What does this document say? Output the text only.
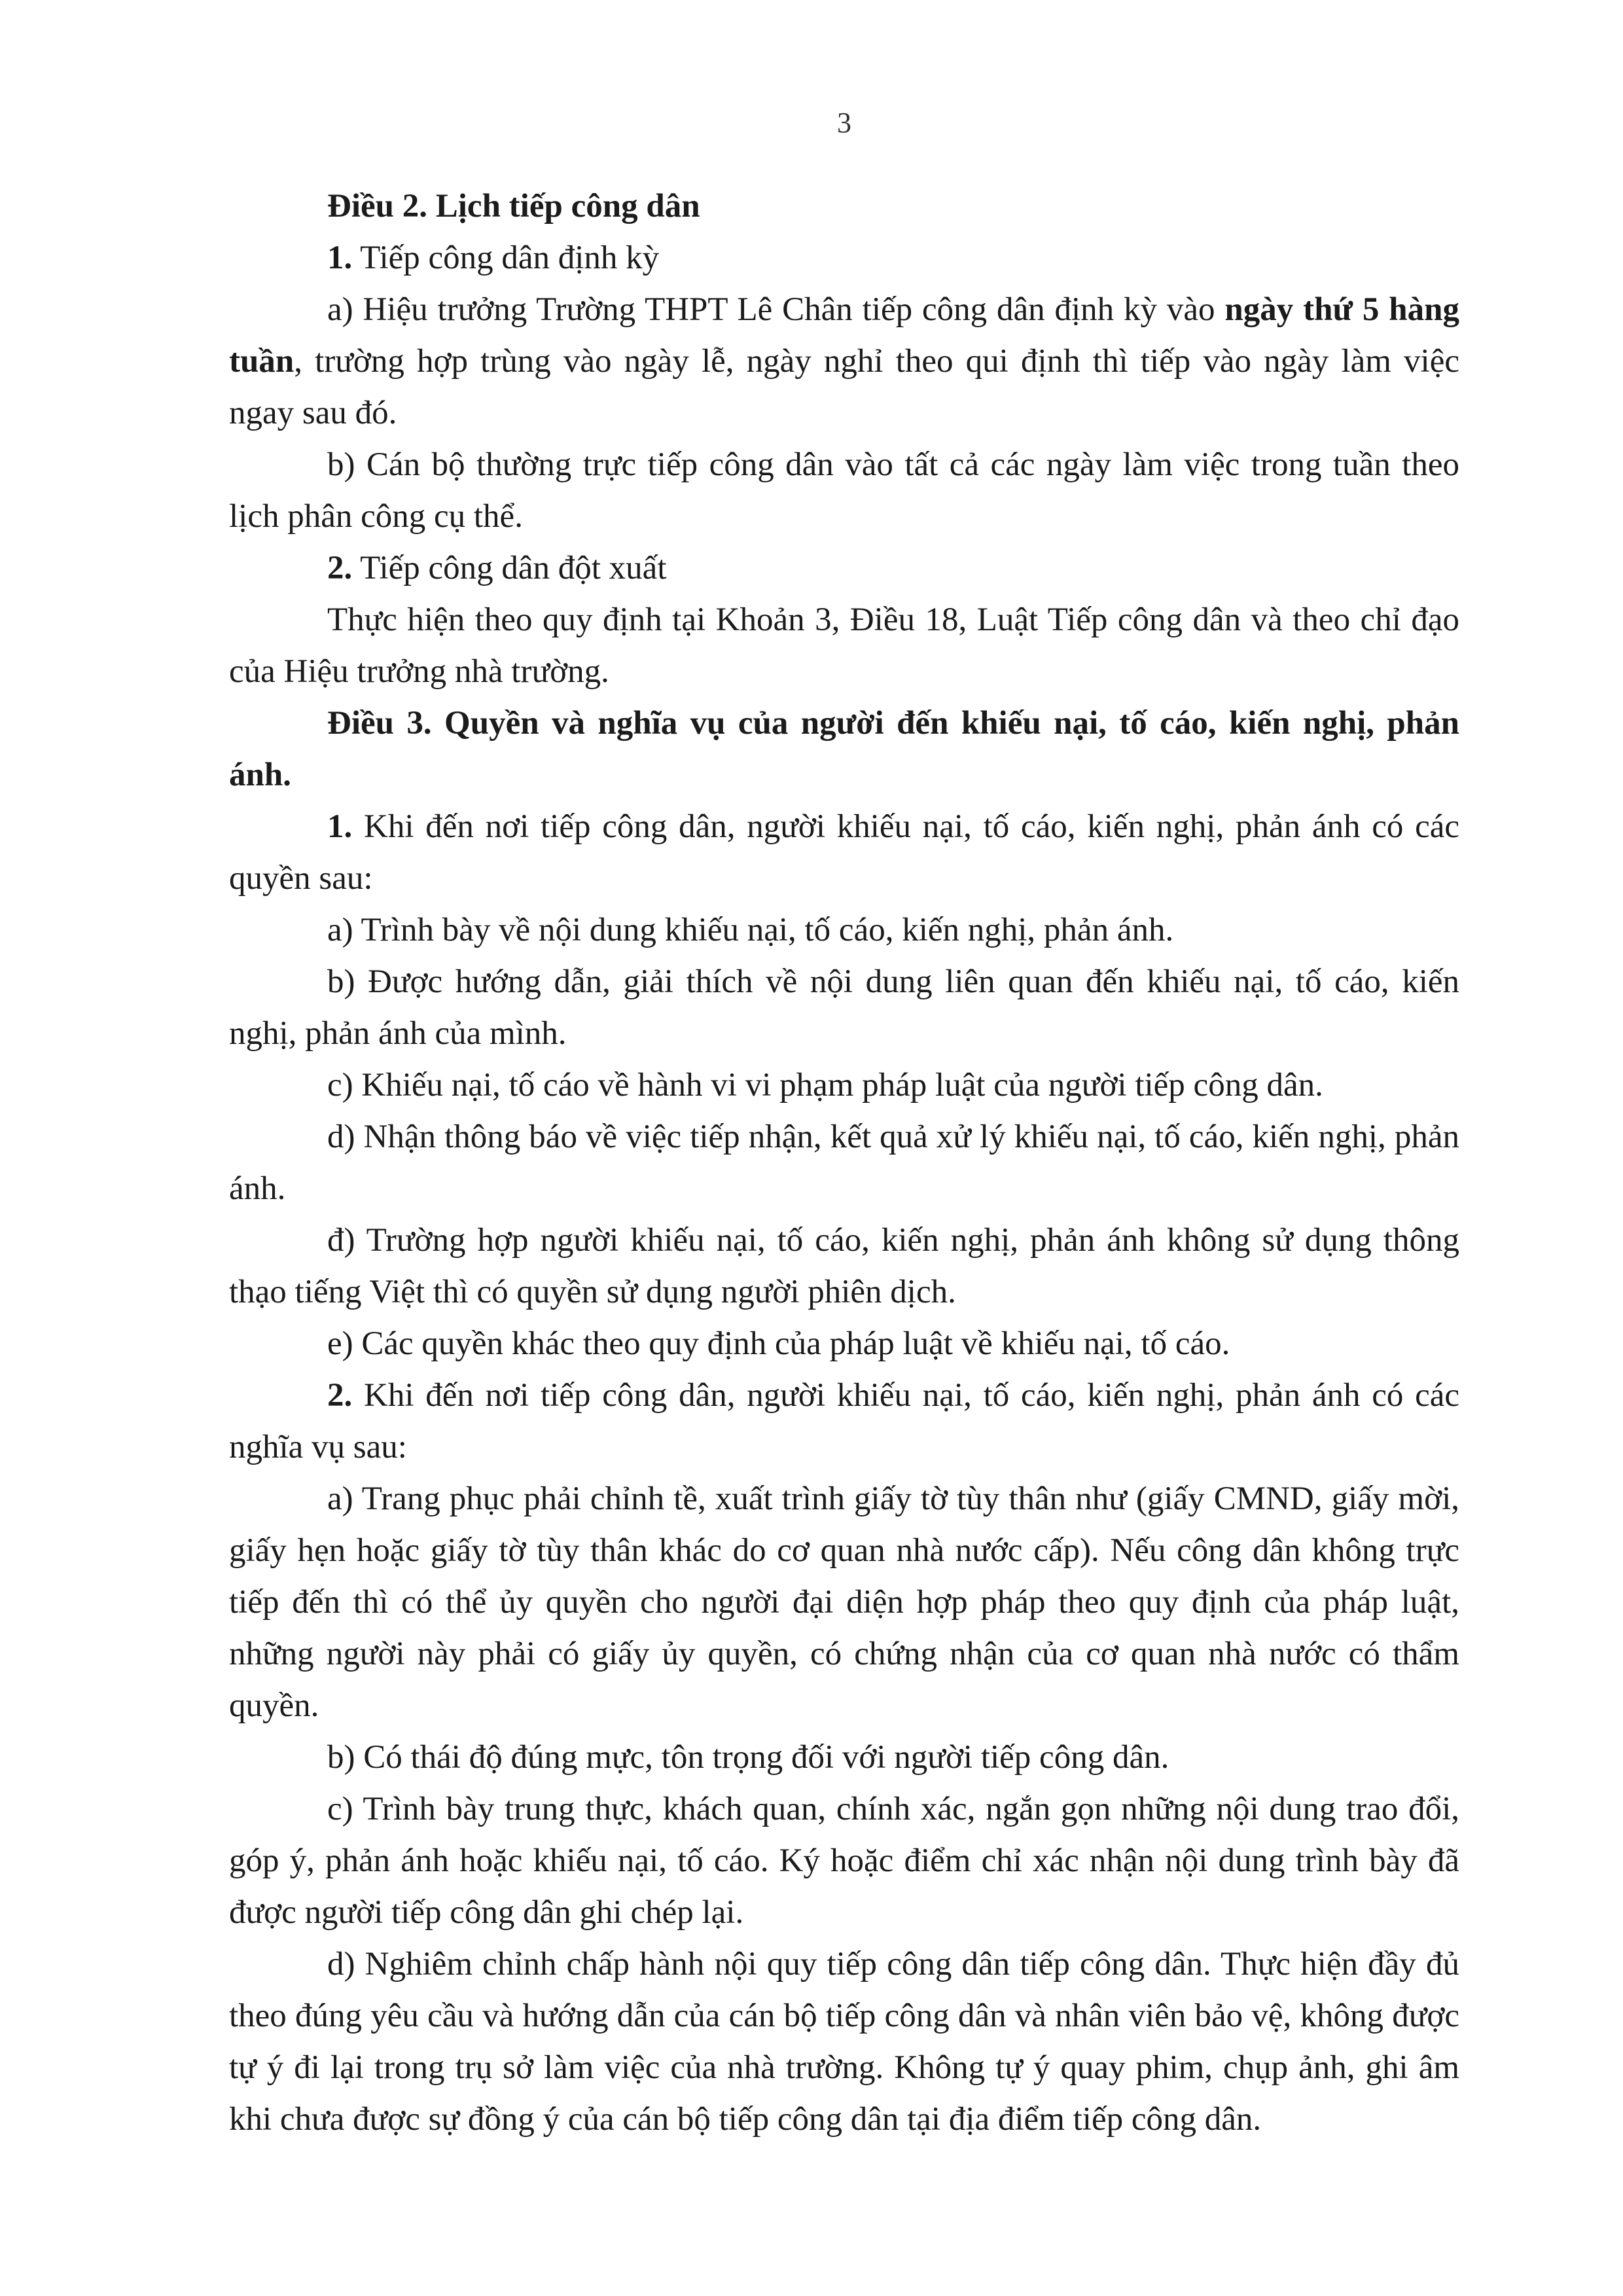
3

Điều 2. Lịch tiếp công dân

1. Tiếp công dân định kỳ

a) Hiệu trưởng Trường THPT Lê Chân tiếp công dân định kỳ vào ngày thứ 5 hàng tuần, trường hợp trùng vào ngày lễ, ngày nghỉ theo qui định thì tiếp vào ngày làm việc ngay sau đó.

b) Cán bộ thường trực tiếp công dân vào tất cả các ngày làm việc trong tuần theo lịch phân công cụ thể.

2. Tiếp công dân đột xuất

Thực hiện theo quy định tại Khoản 3, Điều 18, Luật Tiếp công dân và theo chỉ đạo của Hiệu trưởng nhà trường.

Điều 3. Quyền và nghĩa vụ của người đến khiếu nại, tố cáo, kiến nghị, phản ánh.

1. Khi đến nơi tiếp công dân, người khiếu nại, tố cáo, kiến nghị, phản ánh có các quyền sau:

a) Trình bày về nội dung khiếu nại, tố cáo, kiến nghị, phản ánh.

b) Được hướng dẫn, giải thích về nội dung liên quan đến khiếu nại, tố cáo, kiến nghị, phản ánh của mình.

c) Khiếu nại, tố cáo về hành vi vi phạm pháp luật của người tiếp công dân.

d) Nhận thông báo về việc tiếp nhận, kết quả xử lý khiếu nại, tố cáo, kiến nghị, phản ánh.

đ) Trường hợp người khiếu nại, tố cáo, kiến nghị, phản ánh không sử dụng thông thạo tiếng Việt thì có quyền sử dụng người phiên dịch.

e) Các quyền khác theo quy định của pháp luật về khiếu nại, tố cáo.

2. Khi đến nơi tiếp công dân, người khiếu nại, tố cáo, kiến nghị, phản ánh có các nghĩa vụ sau:

a) Trang phục phải chỉnh tề, xuất trình giấy tờ tùy thân như (giấy CMND, giấy mời, giấy hẹn hoặc giấy tờ tùy thân khác do cơ quan nhà nước cấp). Nếu công dân không trực tiếp đến thì có thể ủy quyền cho người đại diện hợp pháp theo quy định của pháp luật, những người này phải có giấy ủy quyền, có chứng nhận của cơ quan nhà nước có thẩm quyền.

b) Có thái độ đúng mực, tôn trọng đối với người tiếp công dân.

c) Trình bày trung thực, khách quan, chính xác, ngắn gọn những nội dung trao đổi, góp ý, phản ánh hoặc khiếu nại, tố cáo. Ký hoặc điểm chỉ xác nhận nội dung trình bày đã được người tiếp công dân ghi chép lại.

d) Nghiêm chỉnh chấp hành nội quy tiếp công dân tiếp công dân. Thực hiện đầy đủ theo đúng yêu cầu và hướng dẫn của cán bộ tiếp công dân và nhân viên bảo vệ, không được tự ý đi lại trong trụ sở làm việc của nhà trường. Không tự ý quay phim, chụp ảnh, ghi âm khi chưa được sự đồng ý của cán bộ tiếp công dân tại địa điểm tiếp công dân.
